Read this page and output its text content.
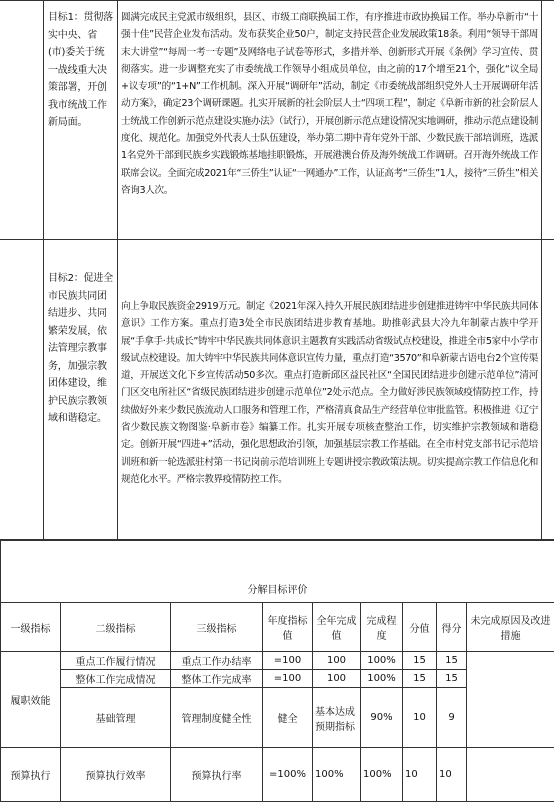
目标1：贯彻落实中央、省(市)委关于统一战线重大决策部署，开创我市统战工作新局面。
圆满完成民主党派市级组织，县区、市级工商联换届工作，有序推进市政协换届工作。举办阜新市“十强十佳”民营企业发布活动。发布获奖企业50户，制定支持民营企业发展政策18条。利用“领导干部周末大讲堂”“每周一考一专题”及网络电子试卷等形式，多措并举、创新形式开展《条例》学习宣传、贯彻落实。进一步调整充实了市委统战工作领导小组成员单位，由之前的17个增至21个，强化“议全局+议专项”的“1+N”工作机制。深入开展“调研年”活动，制定《市委统战部组织党外人士开展调研年活动方案》，确定23个调研课题。扎实开展新的社会阶层人士“四项工程”，制定《阜新市新的社会阶层人士统战工作创新示范点建设实施办法》（试行），开展创新示范点建设情况实地调研，推动示范点建设制度化、规范化。加强党外代表人士队伍建设，举办第二期中青年党外干部、少数民族干部培训班，选派1名党外干部到民族乡实践锻炼基地挂职锻炼，开展港澳台侨及海外统战工作调研。召开海外统战工作联席会议。全面完成2021年“三侨生”认证“一网通办”工作，认证高考“三侨生”1人，接待“三侨生”相关咨询3人次。
目标2：促进全市民族共同团结进步、共同繁荣发展，依法管理宗教事务，加强宗教团体建设，维护民族宗教领域和谐稳定。
向上争取民族资金2919万元。制定《2021年深入持久开展民族团结进步创建推进铸牢中华民族共同体意识》工作方案。重点打造3处全市民族团结进步教育基地。助推彰武县大冷九年制蒙古族中学开展“手拿手·共成长”铸牢中华民族共同体意识主题教育实践活动省级试点校建设，推进全市5家中小学市级试点校建设。加大铸牢中华民族共同体意识宣传力量，重点打造“3570”和阜新蒙古语电台2个宣传渠道，开展送文化下乡宣传活动50多次。重点打造新邱区益民社区“全国民团结进步创建示范单位”清河门区交电所社区“省级民族团结进步创建示范单位”2处示范点。全力做好涉民族领域疫情防控工作，持续做好外来少数民族流动人口服务和管理工作，严格清真食品生产经营单位审批监管。积极推进《辽宁省少数民族文物图鉴·阜新市卷》编纂工作。扎实开展专项核查整治工作，切实维护宗教领域和谐稳定。创新开展“四进+”活动，强化思想政治引领，加强基层宗教工作基础。在全市村党支部书记示范培训班和新一轮选派驻村第一书记岗前示范培训班上专题讲授宗教政策法规。切实提高宗教工作信息化和规范化水平。严格宗教界疫情防控工作。
分解目标评价								
一级指标	二级指标	三级指标	年度指标值	全年完成值	完成程度	分值	得分	未完成原因及改进措施
履职效能	重点工作履行情况	重点工作办结率	=100	100	100%	15	15	
	整体工作完成情况	整体工作完成率	=100	100	100%	15	15	
	基础管理	管理制度健全性	健全	基本达成预期指标	90%	10	9	
预算执行	预算执行效率	预算执行率	=100%	100%	100%	10	10	
